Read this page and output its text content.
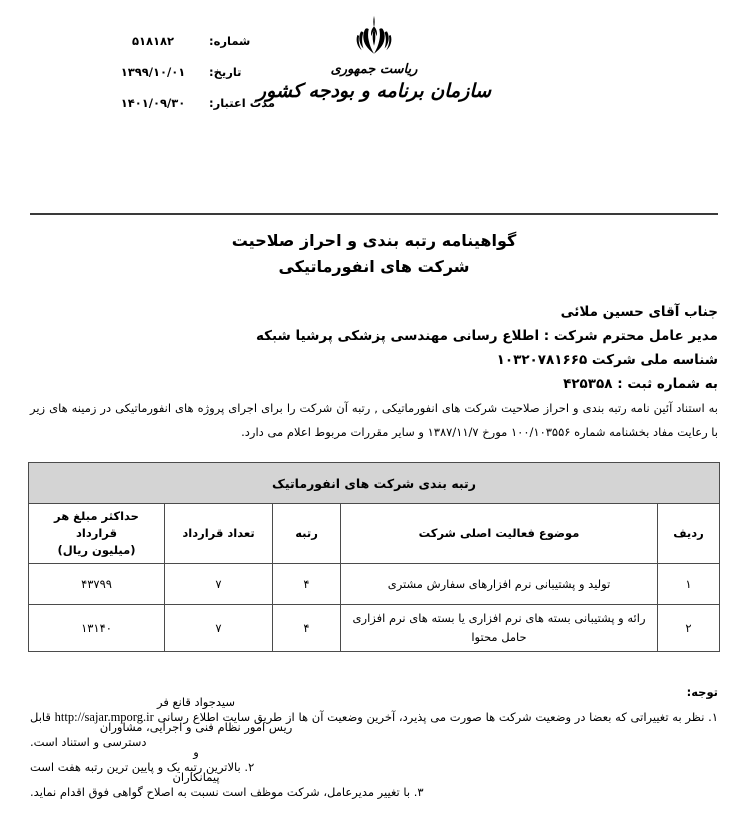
ریاست جمهوری
سازمان برنامه و بودجه کشور
شماره:
۵۱۸۱۸۲
تاریخ:
۱۳۹۹/۱۰/۰۱
مدت اعتبار:
۱۴۰۱/۰۹/۳۰
گواهینامه رتبه بندی و احراز صلاحیت
شرکت های انفورماتیکی
جناب آقای حسین ملائی
مدیر عامل محترم شرکت : اطلاع رسانی مهندسی پزشکی پرشیا شبکه
شناسه ملی شرکت ۱۰۳۲۰۷۸۱۶۶۵
به شماره ثبت : ۴۲۵۳۵۸
به استناد آئین نامه رتبه بندی و احراز صلاحیت شرکت های انفورماتیکی , رتبه آن شرکت را برای اجرای پروژه های انفورماتیکی در زمینه های زیر با رعایت مفاد بخشنامه شماره ۱۰۰/۱۰۳۵۵۶ مورخ ۱۳۸۷/۱۱/۷ و سایر مقررات مربوط اعلام می دارد.
رتبه بندی شرکت های انفورماتیک				
ردیف	موضوع فعالیت اصلی شرکت	رتبه	تعداد قرارداد	حداکثر مبلغ هر قرارداد
(میلیون ریال)

۱	تولید و پشتیبانی نرم افزارهای سفارش مشتری	۴	۷	۴۳۷۹۹
۲	رائه و پشتیبانی بسته های نرم افزاری یا بسته های نرم افزاری حامل محتوا	۴	۷	۱۳۱۴۰
توجه:
۱. نظر به تغییراتی که بعضا در وضعیت شرکت ها صورت می پذیرد، آخرین وضعیت آن ها از طریق سایت اطلاع رسانی http://sajar.mporg.ir قابل دسترسی و استناد است.
۲. بالاترین رتبه یک و پایین ترین رتبه هفت است
۳. با تغییر مدیرعامل، شرکت موظف است نسبت به اصلاح گواهی فوق اقدام نماید.
سیدجواد قانع فر
ریس امور نظام فنی و اجرایی، مشاوران و
پیمانکاران
